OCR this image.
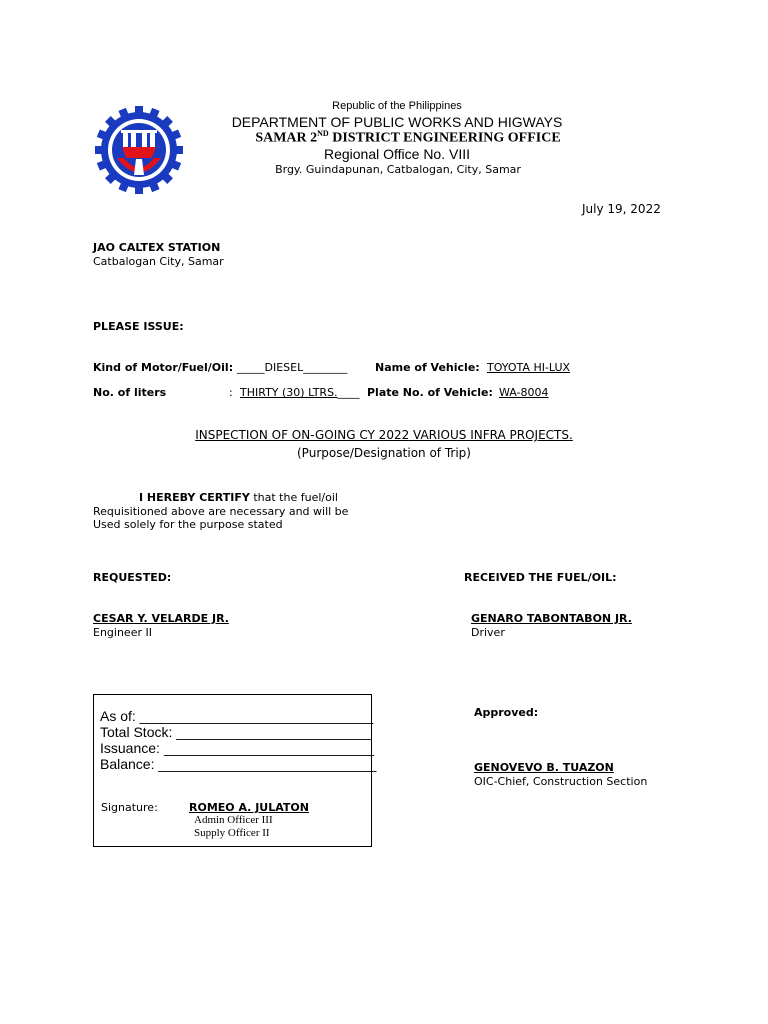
Republic of the Philippines
DEPARTMENT OF PUBLIC WORKS AND HIGWAYS
SAMAR 2ND DISTRICT ENGINEERING OFFICE
Regional Office No. VIII
Brgy. Guindapunan, Catbalogan, City, Samar
July 19, 2022
JAO CALTEX STATION
Catbalogan City, Samar
PLEASE ISSUE:
Kind of Motor/Fuel/Oil: _____DIESEL________	Name of Vehicle: TOYOTA HI-LUX
No. of liters	: THIRTY (30) LTRS.____ Plate No. of Vehicle: WA-8004
INSPECTION OF ON-GOING CY 2022 VARIOUS INFRA PROJECTS.
(Purpose/Designation of Trip)
I HEREBY CERTIFY that the fuel/oil
Requisitioned above are necessary and will be
Used solely for the purpose stated
REQUESTED:	RECEIVED THE FUEL/OIL:
CESAR Y. VELARDE JR.
Engineer II
GENARO TABONTABON JR.
Driver
As of: ______________________________
Total Stock: _________________________
Issuance: ___________________________
Balance: ____________________________
Signature:	ROMEO A. JULATON
Admin Officer III
Supply Officer II
Approved:
GENOVEVO B. TUAZON
OIC-Chief, Construction Section
